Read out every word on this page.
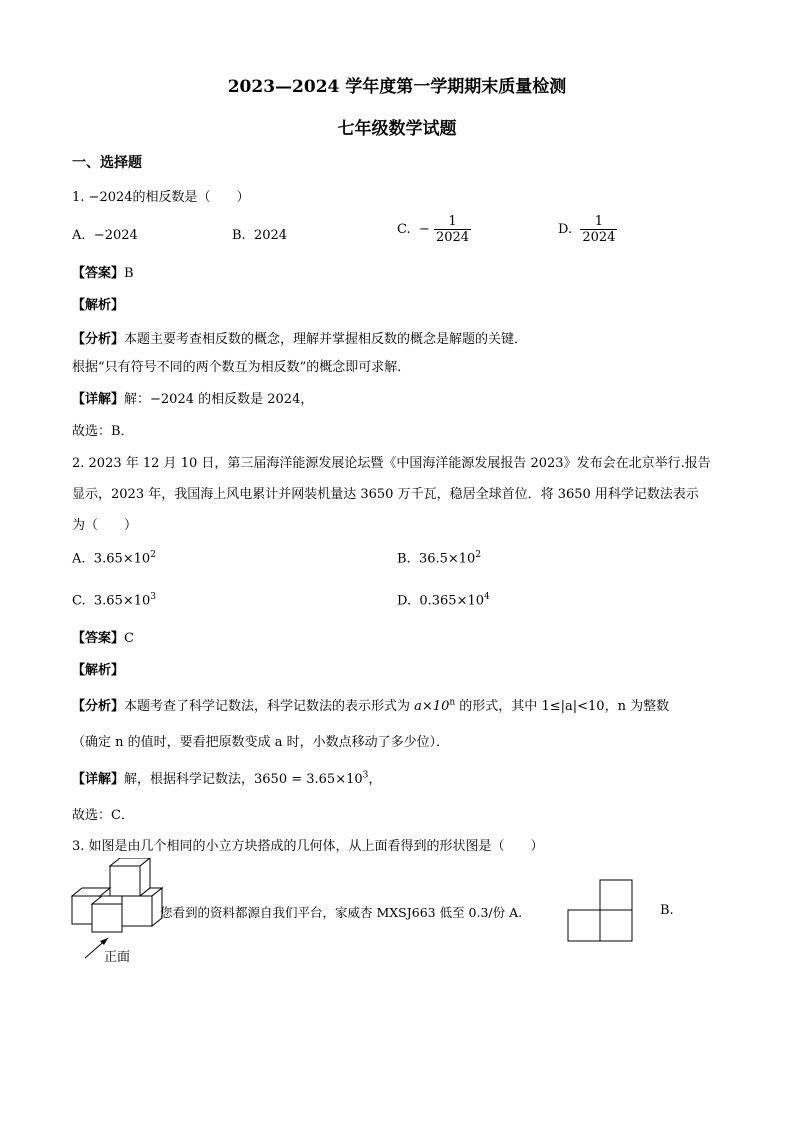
2023—2024 学年度第一学期期末质量检测
七年级数学试题
一、选择题
1. −2024的相反数是（　　）
A. −2024	B. 2024	C. − $\frac{1}{2024}$	D. $\frac{1}{2024}$
【答案】B
【解析】
【分析】本题主要考查相反数的概念，理解并掌握相反数的概念是解题的关键．
根据“只有符号不同的两个数互为相反数”的概念即可求解．
【详解】解：−2024 的相反数是 2024，
故选：B．
2. 2023 年 12 月 10 日，第三届海洋能源发展论坛暨《中国海洋能源发展报告 2023》发布会在北京举行.报告
显示，2023 年，我国海上风电累计并网装机量达 3650 万千瓦，稳居全球首位．将 3650 用科学记数法表示
为（　　）
A. $3.65\times 10^2$	B. $36.5\times 10^2$
C. $3.65\times 10^3$	D. $0.365\times 10^4$
【答案】C
【解析】
【分析】本题考查了科学记数法，科学记数法的表示形式为 $a\times 10^n$ 的形式，其中 1≤|a|<10，n 为整数
（确定 n 的值时，要看把原数变成 a 时，小数点移动了多少位）．
【详解】解，根据科学记数法，$3650 = 3.65\times 10^3$，
故选：C．
3. 如图是由几个相同的小立方块搭成的几何体，从上面看得到的形状图是（　　）
正面
您看到的资料都源自我们平台，家威杏 MXSJ663 低至 0.3/份 A.	B.
